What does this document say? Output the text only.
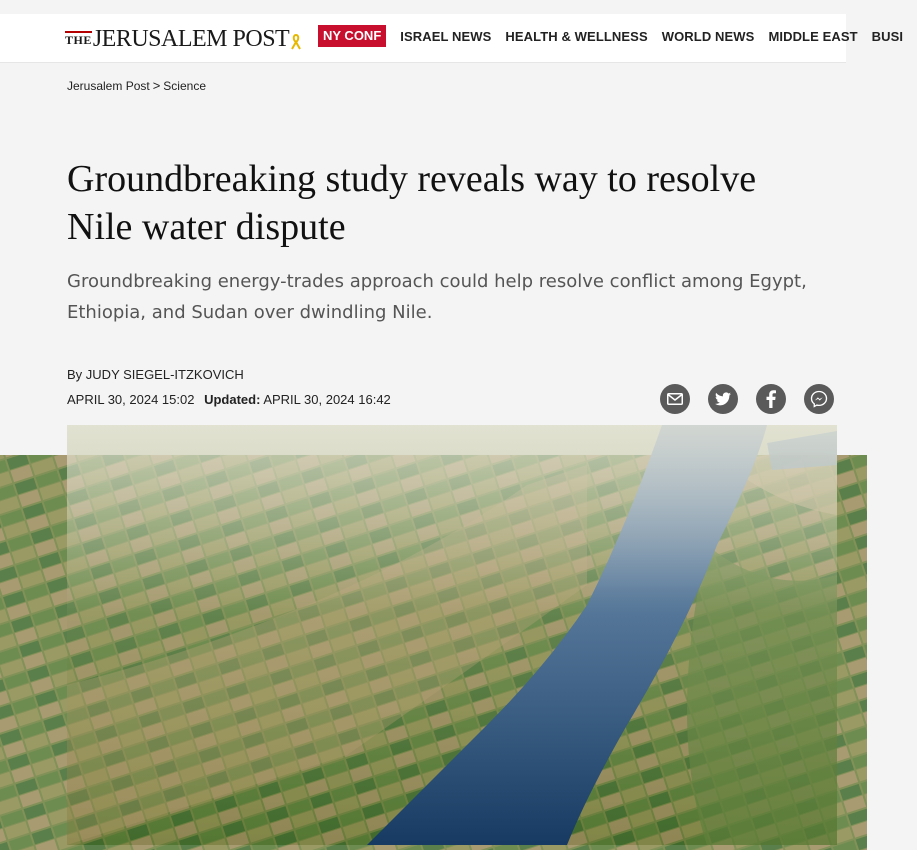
THE JERUSALEM POST	NY CONF	ISRAEL NEWS HEALTH & WELLNESS WORLD NEWS MIDDLE EAST BUSI
Jerusalem Post > Science
Groundbreaking study reveals way to resolve Nile water dispute

Groundbreaking energy-trades approach could help resolve conflict among Egypt, Ethiopia, and Sudan over dwindling Nile.

By JUDY SIEGEL-ITZKOVICH
APRIL 30, 2024 15:02 Updated: APRIL 30, 2024 16:42
